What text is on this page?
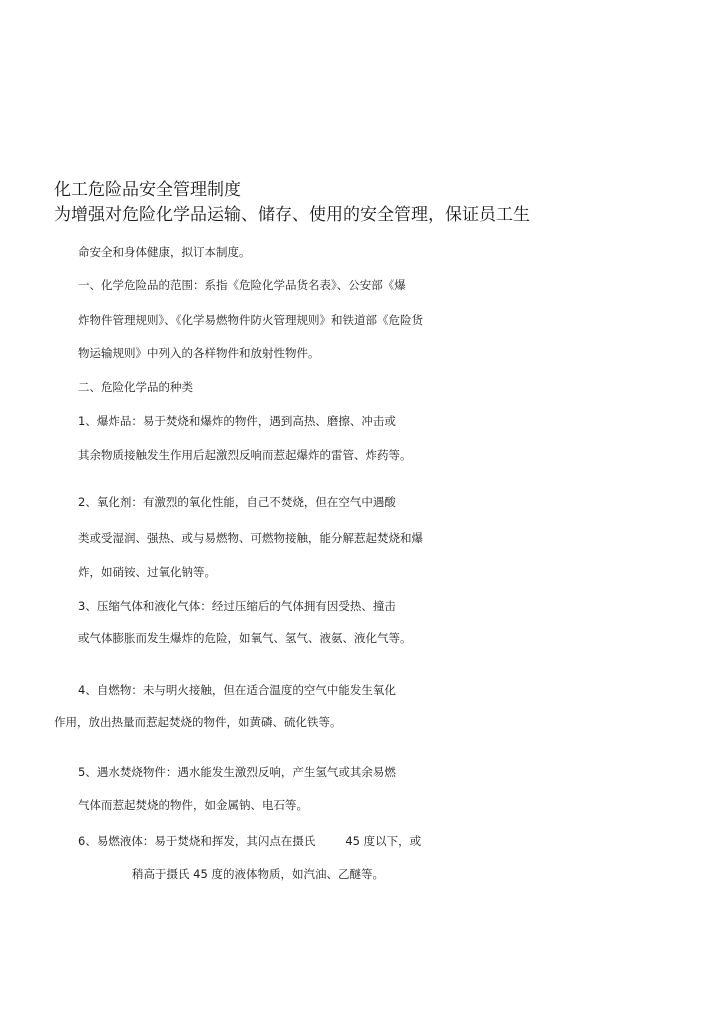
化工危险品安全管理制度
为增强对危险化学品运输、储存、使用的安全管理，保证员工生
命安全和身体健康，拟订本制度。
一、化学危险品的范围：系指《危险化学品货名表》、公安部《爆
炸物件管理规则》、《化学易燃物件防火管理规则》和铁道部《危险货
物运输规则》中列入的各样物件和放射性物件。
二、危险化学品的种类
1、爆炸品：易于焚烧和爆炸的物件，遇到高热、磨擦、冲击或
其余物质接触发生作用后起激烈反响而惹起爆炸的雷管、炸药等。
2、氧化剂：有激烈的氧化性能，自己不焚烧，但在空气中遇酸
类或受湿润、强热、或与易燃物、可燃物接触，能分解惹起焚烧和爆
炸，如硝铵、过氧化钠等。
3、压缩气体和液化气体：经过压缩后的气体拥有因受热、撞击
或气体膨胀而发生爆炸的危险，如氧气、氢气、液氨、液化气等。
4、自燃物：未与明火接触，但在适合温度的空气中能发生氧化
作用，放出热量而惹起焚烧的物件，如黄磷、硫化铁等。
5、遇水焚烧物件：遇水能发生激烈反响，产生氢气或其余易燃
气体而惹起焚烧的物件，如金属钠、电石等。
6、易燃液体：易于焚烧和挥发，其闪点在摄氏	45 度以下，或
稍高于摄氏 45 度的液体物质，如汽油、乙醚等。
